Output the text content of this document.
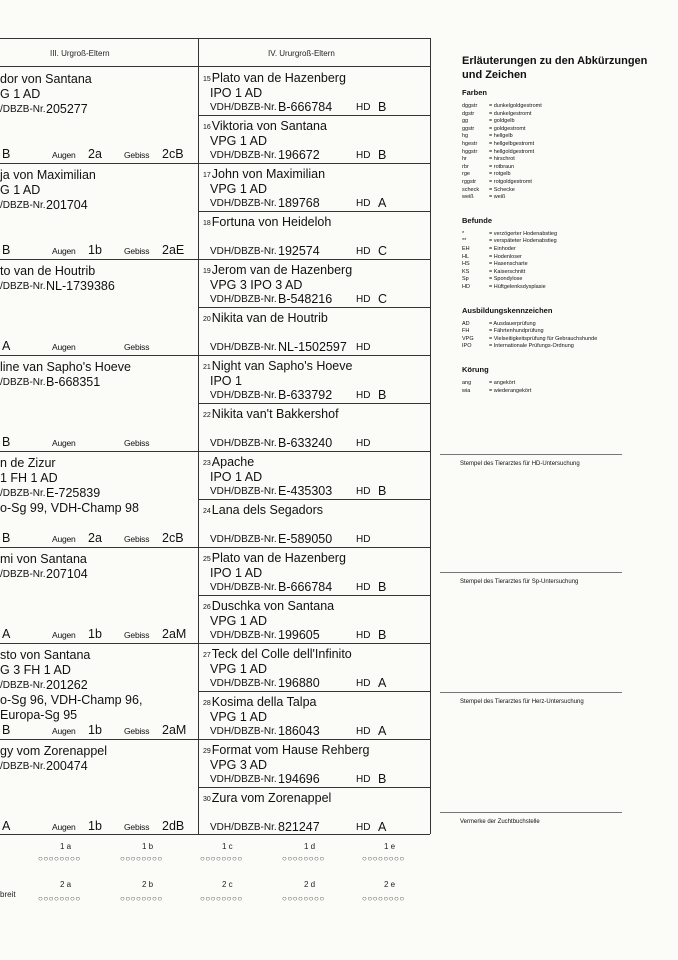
III. Urgroß-Eltern	IV. Ururgroß-Eltern
dor von Santana
G 1 AD
/DBZB-Nr. 205277
B	Augen 2a	Gebiss 2cB
ja von Maximilian
G 1 AD
/DBZB-Nr. 201704
B	Augen 1b	Gebiss 2aE
to van de Houtrib
/DBZB-Nr. NL-1739386
A	Augen	Gebiss
line van Sapho's Hoeve
/DBZB-Nr. B-668351
B	Augen	Gebiss
n de Zizur
1 FH 1 AD
/DBZB-Nr. E-725839
o-Sg 99, VDH-Champ 98
B	Augen 2a	Gebiss 2cB
mi von Santana
/DBZB-Nr. 207104
A	Augen 1b	Gebiss 2aM
sto von Santana
G 3 FH 1 AD
/DBZB-Nr. 201262
o-Sg 96, VDH-Champ 96,
Europa-Sg 95
B	Augen 1b	Gebiss 2aM
gy vom Zorenappel
/DBZB-Nr. 200474
A	Augen 1b	Gebiss 2dB
$^{15}$Plato van de Hazenberg
IPO 1 AD
VDH/DBZB-Nr. B-666784 HD B
$^{16}$Viktoria von Santana
VPG 1 AD
VDH/DBZB-Nr. 196672	HD B
$^{17}$John von Maximilian
VPG 1 AD
VDH/DBZB-Nr. 189768	HD A
$^{18}$Fortuna von Heideloh
VDH/DBZB-Nr. 192574	HD C
$^{19}$Jerom van de Hazenberg
VPG 3 IPO 3 AD
VDH/DBZB-Nr. B-548216 HD C
$^{20}$Nikita van de Houtrib
VDH/DBZB-Nr. NL-1502597 HD
$^{21}$Night van Sapho's Hoeve
IPO 1
VDH/DBZB-Nr. B-633792 HD B
$^{22}$Nikita van't Bakkershof
VDH/DBZB-Nr. B-633240 HD
$^{23}$Apache
IPO 1 AD
VDH/DBZB-Nr. E-435303 HD B
$^{24}$Lana dels Segadors
VDH/DBZB-Nr. E-589050 HD
$^{25}$Plato van de Hazenberg
IPO 1 AD
VDH/DBZB-Nr. B-666784 HD B
$^{26}$Duschka von Santana
VPG 1 AD
VDH/DBZB-Nr. 199605	HD B
$^{27}$Teck del Colle dell'Infinito
VPG 1 AD
VDH/DBZB-Nr. 196880	HD A
$^{28}$Kosima della Talpa
VPG 1 AD
VDH/DBZB-Nr. 186043	HD A
$^{29}$Format vom Hause Rehberg
VPG 3 AD
VDH/DBZB-Nr. 194696	HD B
$^{30}$Zura vom Zorenappel
VDH/DBZB-Nr. 821247	HD A
1 a
○○○○○○○○
1 b
○○○○○○○○
1 c
○○○○○○○○
1 d
○○○○○○○○
1 e
○○○○○○○○
breit
2 a
○○○○○○○○
2 b
○○○○○○○○
2 c
○○○○○○○○
2 d
○○○○○○○○
2 e
○○○○○○○○
Erläuterungen zu den Abkürzungen und Zeichen
Farben
dggstr = dunkelgoldgestromt
dgstr	= dunkelgestromt
gg	= goldgelb
ggstr	= goldgestromt
hg	= hellgelb
hgestr = hellgelbgestromt
hggstr = hellgoldgestromt
hr	= hirschrot
rbr	= rotbraun
rge	= rotgelb
rggstr = rotgoldgestromt
scheck = Schecke
weiß	= weiß
Befunde
*	= verzögerter Hodenabstieg
**	= verspäteter Hodenabstieg
EH	= Einhoder
HL	= Hodenloser
HS	= Hasenscharte
KS	= Kaiserschnitt
Sp	= Spondylose
HD	= Hüftgelenksdysplasie
Ausbildungskennzeichen
AD	= Ausdauerprüfung
FH	= Fährtenhundprüfung
VPG	= Vielseitigkeitsprüfung für Gebrauchshunde
IPO	= Internationale Prüfungs-Ordnung
Körung
ang	= angekört
wia	= wiederangekört
Stempel des Tierarztes für HD-Untersuchung
Stempel des Tierarztes für Sp-Untersuchung
Stempel des Tierarztes für Herz-Untersuchung
Vermerke der Zuchtbuchstelle
